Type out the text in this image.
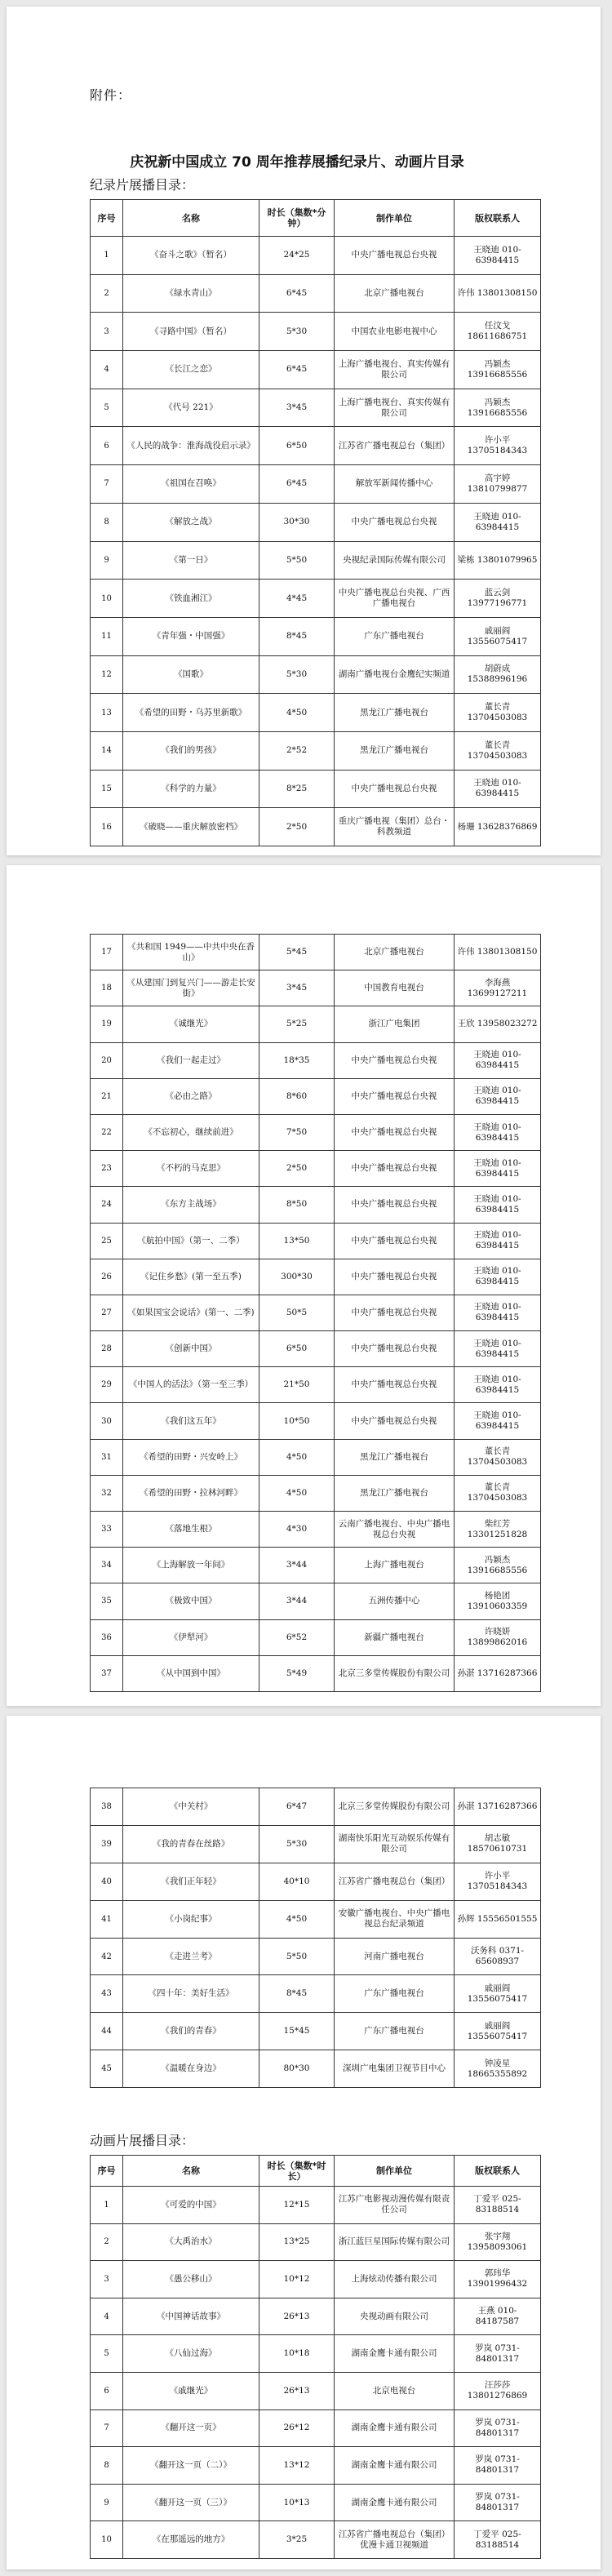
附件：
庆祝新中国成立 70 周年推荐展播纪录片、动画片目录
纪录片展播目录：
序号	名称	时长（集数*分钟）	制作单位	版权联系人
1	《奋斗之歌》（暂名）	24*25	中央广播电视总台央视	王晓迪 010-63984415
2	《绿水青山》	6*45	北京广播电视台	许伟 13801308150
3	《寻路中国》（暂名）	5*30	中国农业电影电视中心	任汶戈 18611686751
4	《长江之恋》	6*45	上海广播电视台、真实传媒有限公司	冯颖杰 13916685556
5	《代号 221》	3*45	上海广播电视台、真实传媒有限公司	冯颖杰 13916685556
6	《人民的战争：淮海战役启示录》	6*50	江苏省广播电视总台（集团）	许小平 13705184343
7	《祖国在召唤》	6*45	解放军新闻传播中心	高宇婷 13810799877
8	《解放之战》	30*30	中央广播电视总台央视	王晓迪 010-63984415
9	《第一日》	5*50	央视纪录国际传媒有限公司	梁栋 13801079965
10	《铁血湘江》	4*45	中央广播电视总台央视、广西广播电视台	蓝云剑 13977196771
11	《青年强・中国强》	8*45	广东广播电视台	戚丽阎 13556075417
12	《国歌》	5*30	湖南广播电视台金鹰纪实频道	胡蔚成 15388996196
13	《希望的田野・乌苏里新歌》	4*50	黑龙江广播电视台	董长青 13704503083
14	《我们的男孩》	2*52	黑龙江广播电视台	董长青 13704503083
15	《科学的力量》	8*25	中央广播电视总台央视	王晓迪 010-63984415
16	《破晓——重庆解放密档》	2*50	重庆广播电视（集团）总台・科教频道	杨珊 13628376869
17	《共和国 1949——中共中央在香山》	5*45	北京广播电视台	许伟 13801308150
18	《从建国门到复兴门——游走长安街》	3*45	中国教育电视台	李海燕 13699127211
19	《诚继光》	5*25	浙江广电集团	王欣 13958023272
20	《我们一起走过》	18*35	中央广播电视总台央视	王晓迪 010-63984415
21	《必由之路》	8*60	中央广播电视总台央视	王晓迪 010-63984415
22	《不忘初心，继续前进》	7*50	中央广播电视总台央视	王晓迪 010-63984415
23	《不朽的马克思》	2*50	中央广播电视总台央视	王晓迪 010-63984415
24	《东方主战场》	8*50	中央广播电视总台央视	王晓迪 010-63984415
25	《航拍中国》（第一、二季）	13*50	中央广播电视总台央视	王晓迪 010-63984415
26	《记住乡愁》(第一至五季)	300*30	中央广播电视总台央视	王晓迪 010-63984415
27	《如果国宝会说话》(第一、二季)	50*5	中央广播电视总台央视	王晓迪 010-63984415
28	《创新中国》	6*50	中央广播电视总台央视	王晓迪 010-63984415
29	《中国人的活法》（第一至三季）	21*50	中央广播电视总台央视	王晓迪 010-63984415
30	《我们这五年》	10*50	中央广播电视总台央视	王晓迪 010-63984415
31	《希望的田野・兴安岭上》	4*50	黑龙江广播电视台	董长青 13704503083
32	《希望的田野・拉林河畔》	4*50	黑龙江广播电视台	董长青 13704503083
33	《落地生根》	4*30	云南广播电视台、中央广播电视总台央视	柴红芳 13301251828
34	《上海解放一年间》	3*44	上海广播电视台	冯颖杰 13916685556
35	《极致中国》	3*44	五洲传播中心	杨艳团 13910603359
36	《伊犁河》	6*52	新疆广播电视台	许晓妍 13899862016
37	《从中国到中国》	5*49	北京三多堂传媒股份有限公司	孙湛 13716287366
38	《中关村》	6*47	北京三多堂传媒股份有限公司	孙湛 13716287366
39	《我的青春在丝路》	5*30	湖南快乐阳光互动娱乐传媒有限公司	胡志敏 18570610731
40	《我们正年轻》	40*10	江苏省广播电视总台（集团）	许小平 13705184343
41	《小岗纪事》	4*50	安徽广播电视台、中央广播电视总台纪录频道	孙辉 15556501555
42	《走进兰考》	5*50	河南广播电视台	沃务科 0371-65608937
43	《四十年：美好生活》	8*45	广东广播电视台	戚丽阎 13556075417
44	《我们的青春》	15*45	广东广播电视台	戚丽阎 13556075417
45	《温暖在身边》	80*30	深圳广电集团卫视节目中心	钟凌星 18665355892
动画片展播目录：
序号	名称	时长（集数*时长）	制作单位	版权联系人
1	《可爱的中国》	12*15	江苏广电影视动漫传媒有限责任公司	丁爱平 025-83188514
2	《大禹治水》	13*25	浙江蓝巨星国际传媒有限公司	张宇翔 13958093061
3	《愚公移山》	10*12	上海炫动传播有限公司	郭玮华 13901996432
4	《中国神话故事》	26*13	央视动画有限公司	王燕 010-84187587
5	《八仙过海》	10*18	湖南金鹰卡通有限公司	罗岚 0731-84801317
6	《戚继光》	26*13	北京电视台	汪莎莎 13801276869
7	《翻开这一页》	26*12	湖南金鹰卡通有限公司	罗岚 0731-84801317
8	《翻开这一页（二）》	13*12	湖南金鹰卡通有限公司	罗岚 0731-84801317
9	《翻开这一页（三）》	10*13	湖南金鹰卡通有限公司	罗岚 0731-84801317
10	《在那遥远的地方》	3*25	江苏省广播电视总台（集团）优漫卡通卫视频道	丁爱平 025-83188514
